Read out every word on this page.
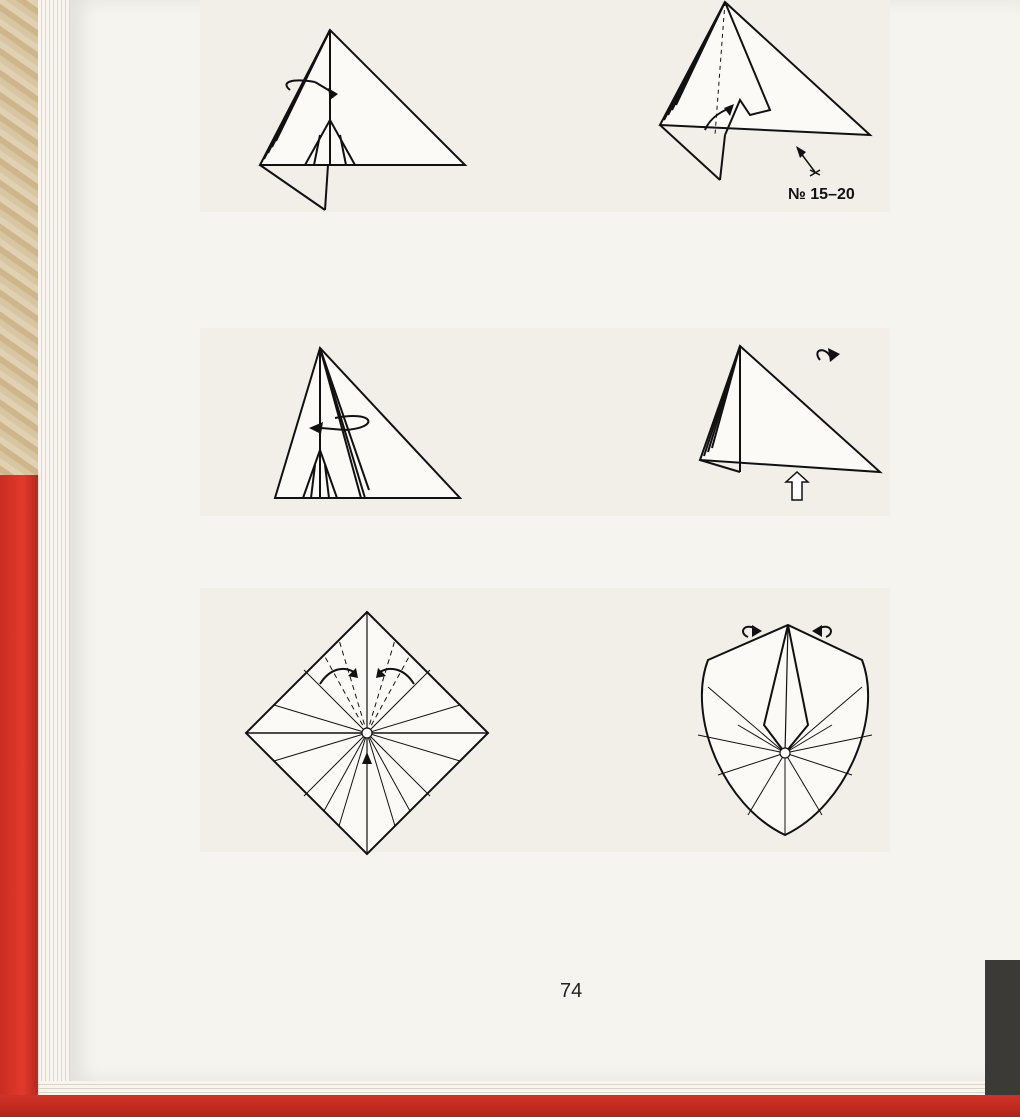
№ 15–20
74
